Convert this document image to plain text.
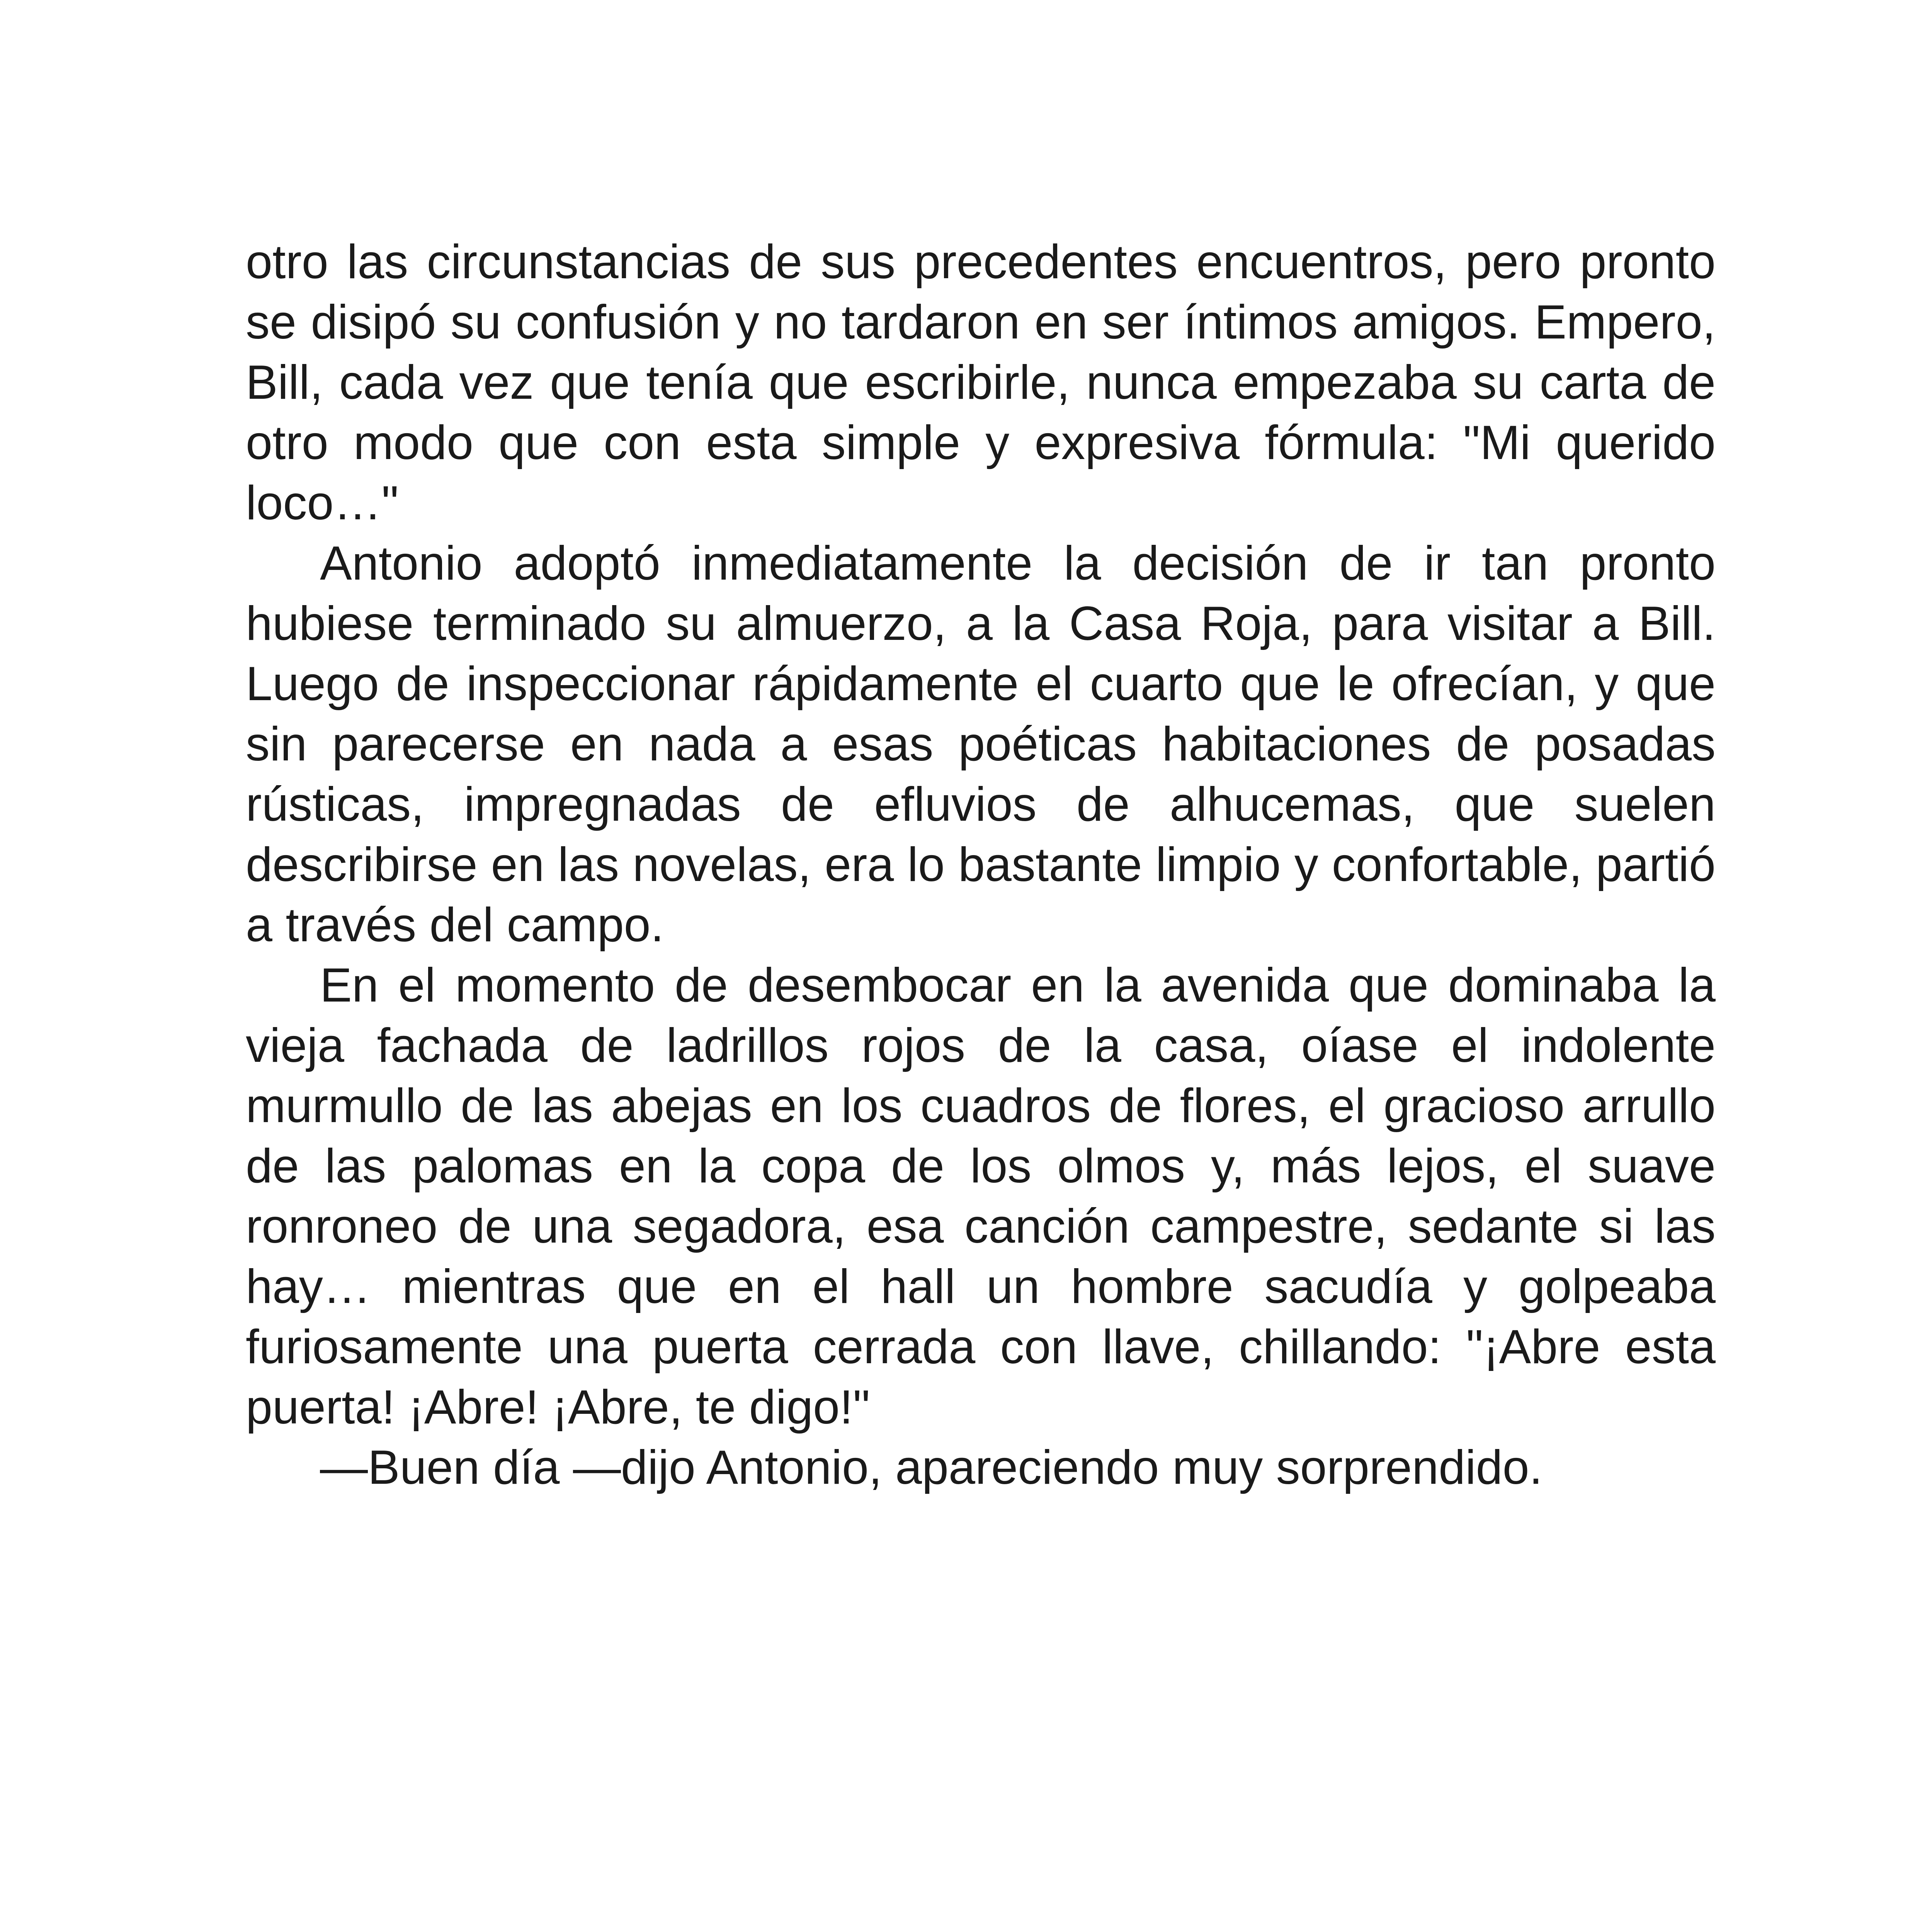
otro las circunstancias de sus precedentes encuentros, pero pronto se disipó su confusión y no tardaron en ser íntimos amigos. Empero, Bill, cada vez que tenía que escribirle, nunca empezaba su carta de otro modo que con esta simple y expresiva fórmula: "Mi querido loco…"

Antonio adoptó inmediatamente la decisión de ir tan pronto hubiese terminado su almuerzo, a la Casa Roja, para visitar a Bill. Luego de inspeccionar rápidamente el cuarto que le ofrecían, y que sin parecerse en nada a esas poéticas habitaciones de posadas rústicas, impregnadas de efluvios de alhucemas, que suelen describirse en las novelas, era lo bastante limpio y confortable, partió a través del campo.

En el momento de desembocar en la avenida que dominaba la vieja fachada de ladrillos rojos de la casa, oíase el indolente murmullo de las abejas en los cuadros de flores, el gracioso arrullo de las palomas en la copa de los olmos y, más lejos, el suave ronroneo de una segadora, esa canción campestre, sedante si las hay… mientras que en el hall un hombre sacudía y golpeaba furiosamente una puerta cerrada con llave, chillando: "¡Abre esta puerta! ¡Abre! ¡Abre, te digo!"

—Buen día —dijo Antonio, apareciendo muy sorprendido.
